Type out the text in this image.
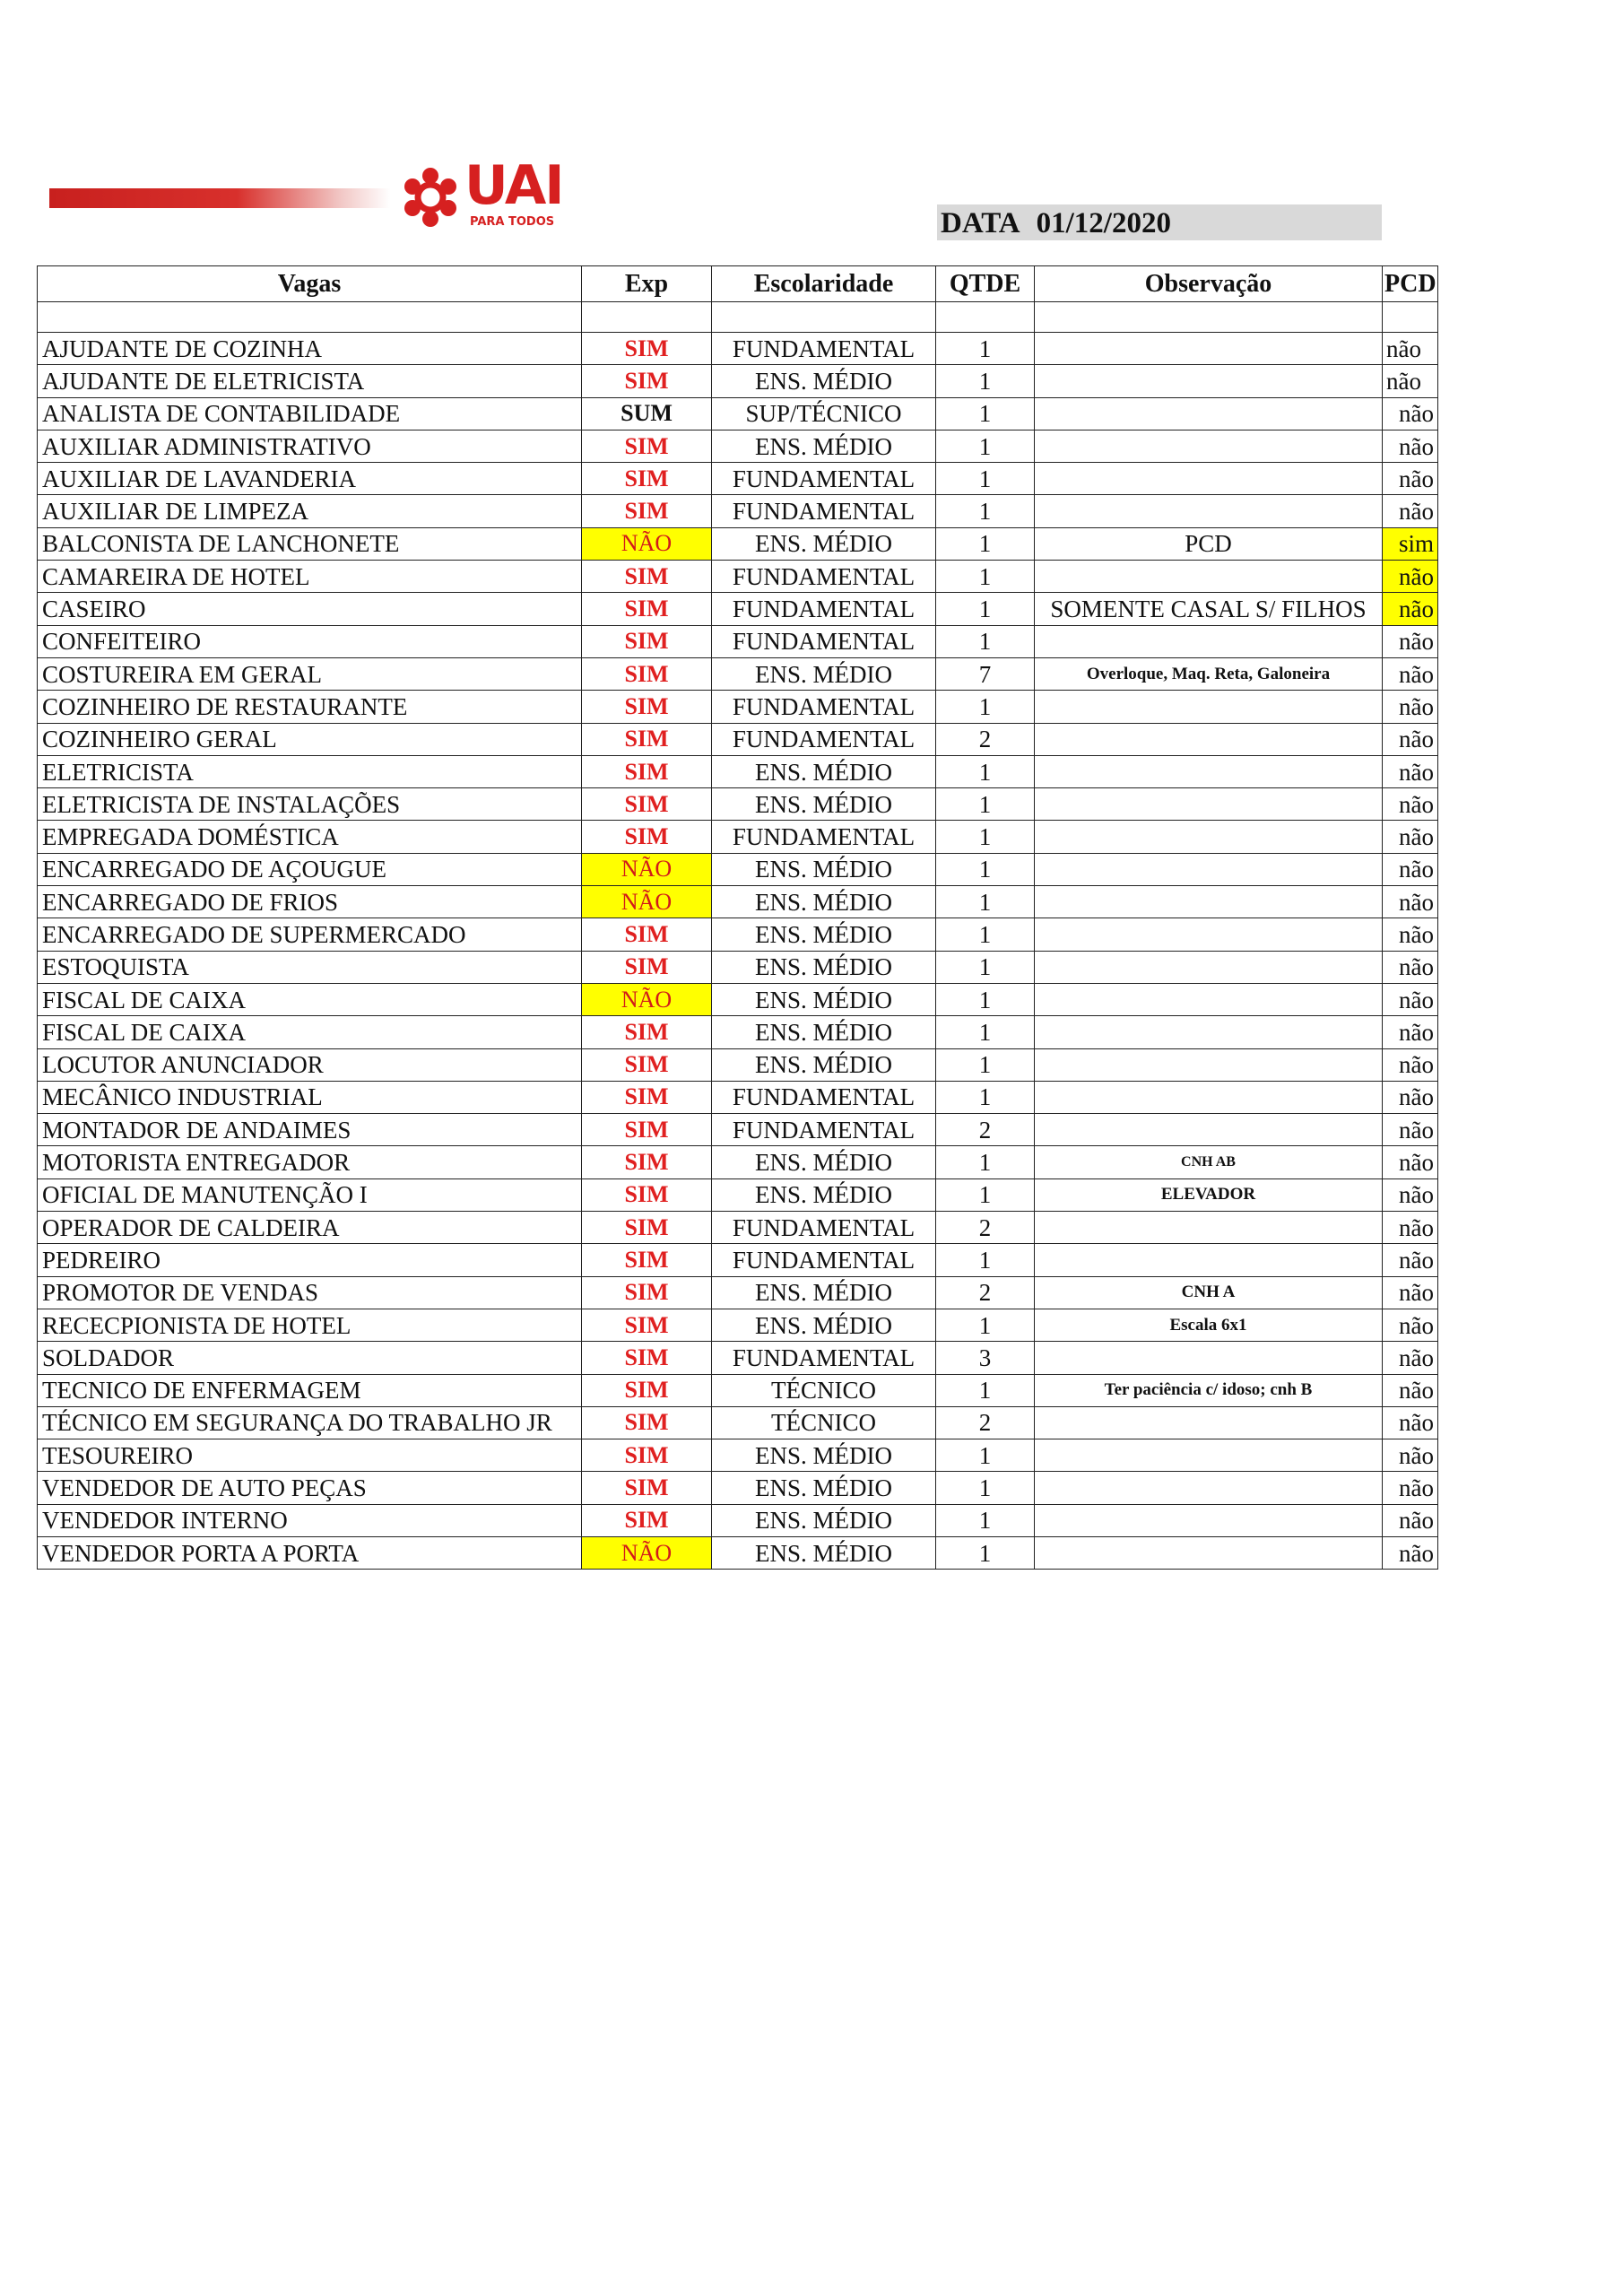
UAI
PARA TODOS	DATA 01/12/2020
Vagas	Exp	Escolaridade	QTDE	Observação	PCD

AJUDANTE DE COZINHA	SIM	FUNDAMENTAL	1		não
AJUDANTE DE ELETRICISTA	SIM	ENS. MÉDIO	1		não
ANALISTA DE CONTABILIDADE	SUM	SUP/TÉCNICO	1		não
AUXILIAR ADMINISTRATIVO	SIM	ENS. MÉDIO	1		não
AUXILIAR DE LAVANDERIA	SIM	FUNDAMENTAL	1		não
AUXILIAR DE LIMPEZA	SIM	FUNDAMENTAL	1		não
BALCONISTA DE LANCHONETE	NÃO	ENS. MÉDIO	1	PCD	sim
CAMAREIRA DE HOTEL	SIM	FUNDAMENTAL	1		não
CASEIRO	SIM	FUNDAMENTAL	1	SOMENTE CASAL S/ FILHOS	não
CONFEITEIRO	SIM	FUNDAMENTAL	1		não
COSTUREIRA EM GERAL	SIM	ENS. MÉDIO	7	Overloque, Maq. Reta, Galoneira	não
COZINHEIRO DE RESTAURANTE	SIM	FUNDAMENTAL	1		não
COZINHEIRO GERAL	SIM	FUNDAMENTAL	2		não
ELETRICISTA	SIM	ENS. MÉDIO	1		não
ELETRICISTA DE INSTALAÇÕES	SIM	ENS. MÉDIO	1		não
EMPREGADA DOMÉSTICA	SIM	FUNDAMENTAL	1		não
ENCARREGADO DE AÇOUGUE	NÃO	ENS. MÉDIO	1		não
ENCARREGADO DE FRIOS	NÃO	ENS. MÉDIO	1		não
ENCARREGADO DE SUPERMERCADO	SIM	ENS. MÉDIO	1		não
ESTOQUISTA	SIM	ENS. MÉDIO	1		não
FISCAL DE CAIXA	NÃO	ENS. MÉDIO	1		não
FISCAL DE CAIXA	SIM	ENS. MÉDIO	1		não
LOCUTOR ANUNCIADOR	SIM	ENS. MÉDIO	1		não
MECÂNICO INDUSTRIAL	SIM	FUNDAMENTAL	1		não
MONTADOR DE ANDAIMES	SIM	FUNDAMENTAL	2		não
MOTORISTA ENTREGADOR	SIM	ENS. MÉDIO	1	CNH AB	não
OFICIAL DE MANUTENÇÃO I	SIM	ENS. MÉDIO	1	ELEVADOR	não
OPERADOR DE CALDEIRA	SIM	FUNDAMENTAL	2		não
PEDREIRO	SIM	FUNDAMENTAL	1		não
PROMOTOR DE VENDAS	SIM	ENS. MÉDIO	2	CNH A	não
RECECPIONISTA DE HOTEL	SIM	ENS. MÉDIO	1	Escala 6x1	não
SOLDADOR	SIM	FUNDAMENTAL	3		não
TECNICO DE ENFERMAGEM	SIM	TÉCNICO	1	Ter paciência c/ idoso; cnh B	não
TÉCNICO EM SEGURANÇA DO TRABALHO JR	SIM	TÉCNICO	2		não
TESOUREIRO	SIM	ENS. MÉDIO	1		não
VENDEDOR DE AUTO PEÇAS	SIM	ENS. MÉDIO	1		não
VENDEDOR INTERNO	SIM	ENS. MÉDIO	1		não
VENDEDOR PORTA A PORTA	NÃO	ENS. MÉDIO	1		não
